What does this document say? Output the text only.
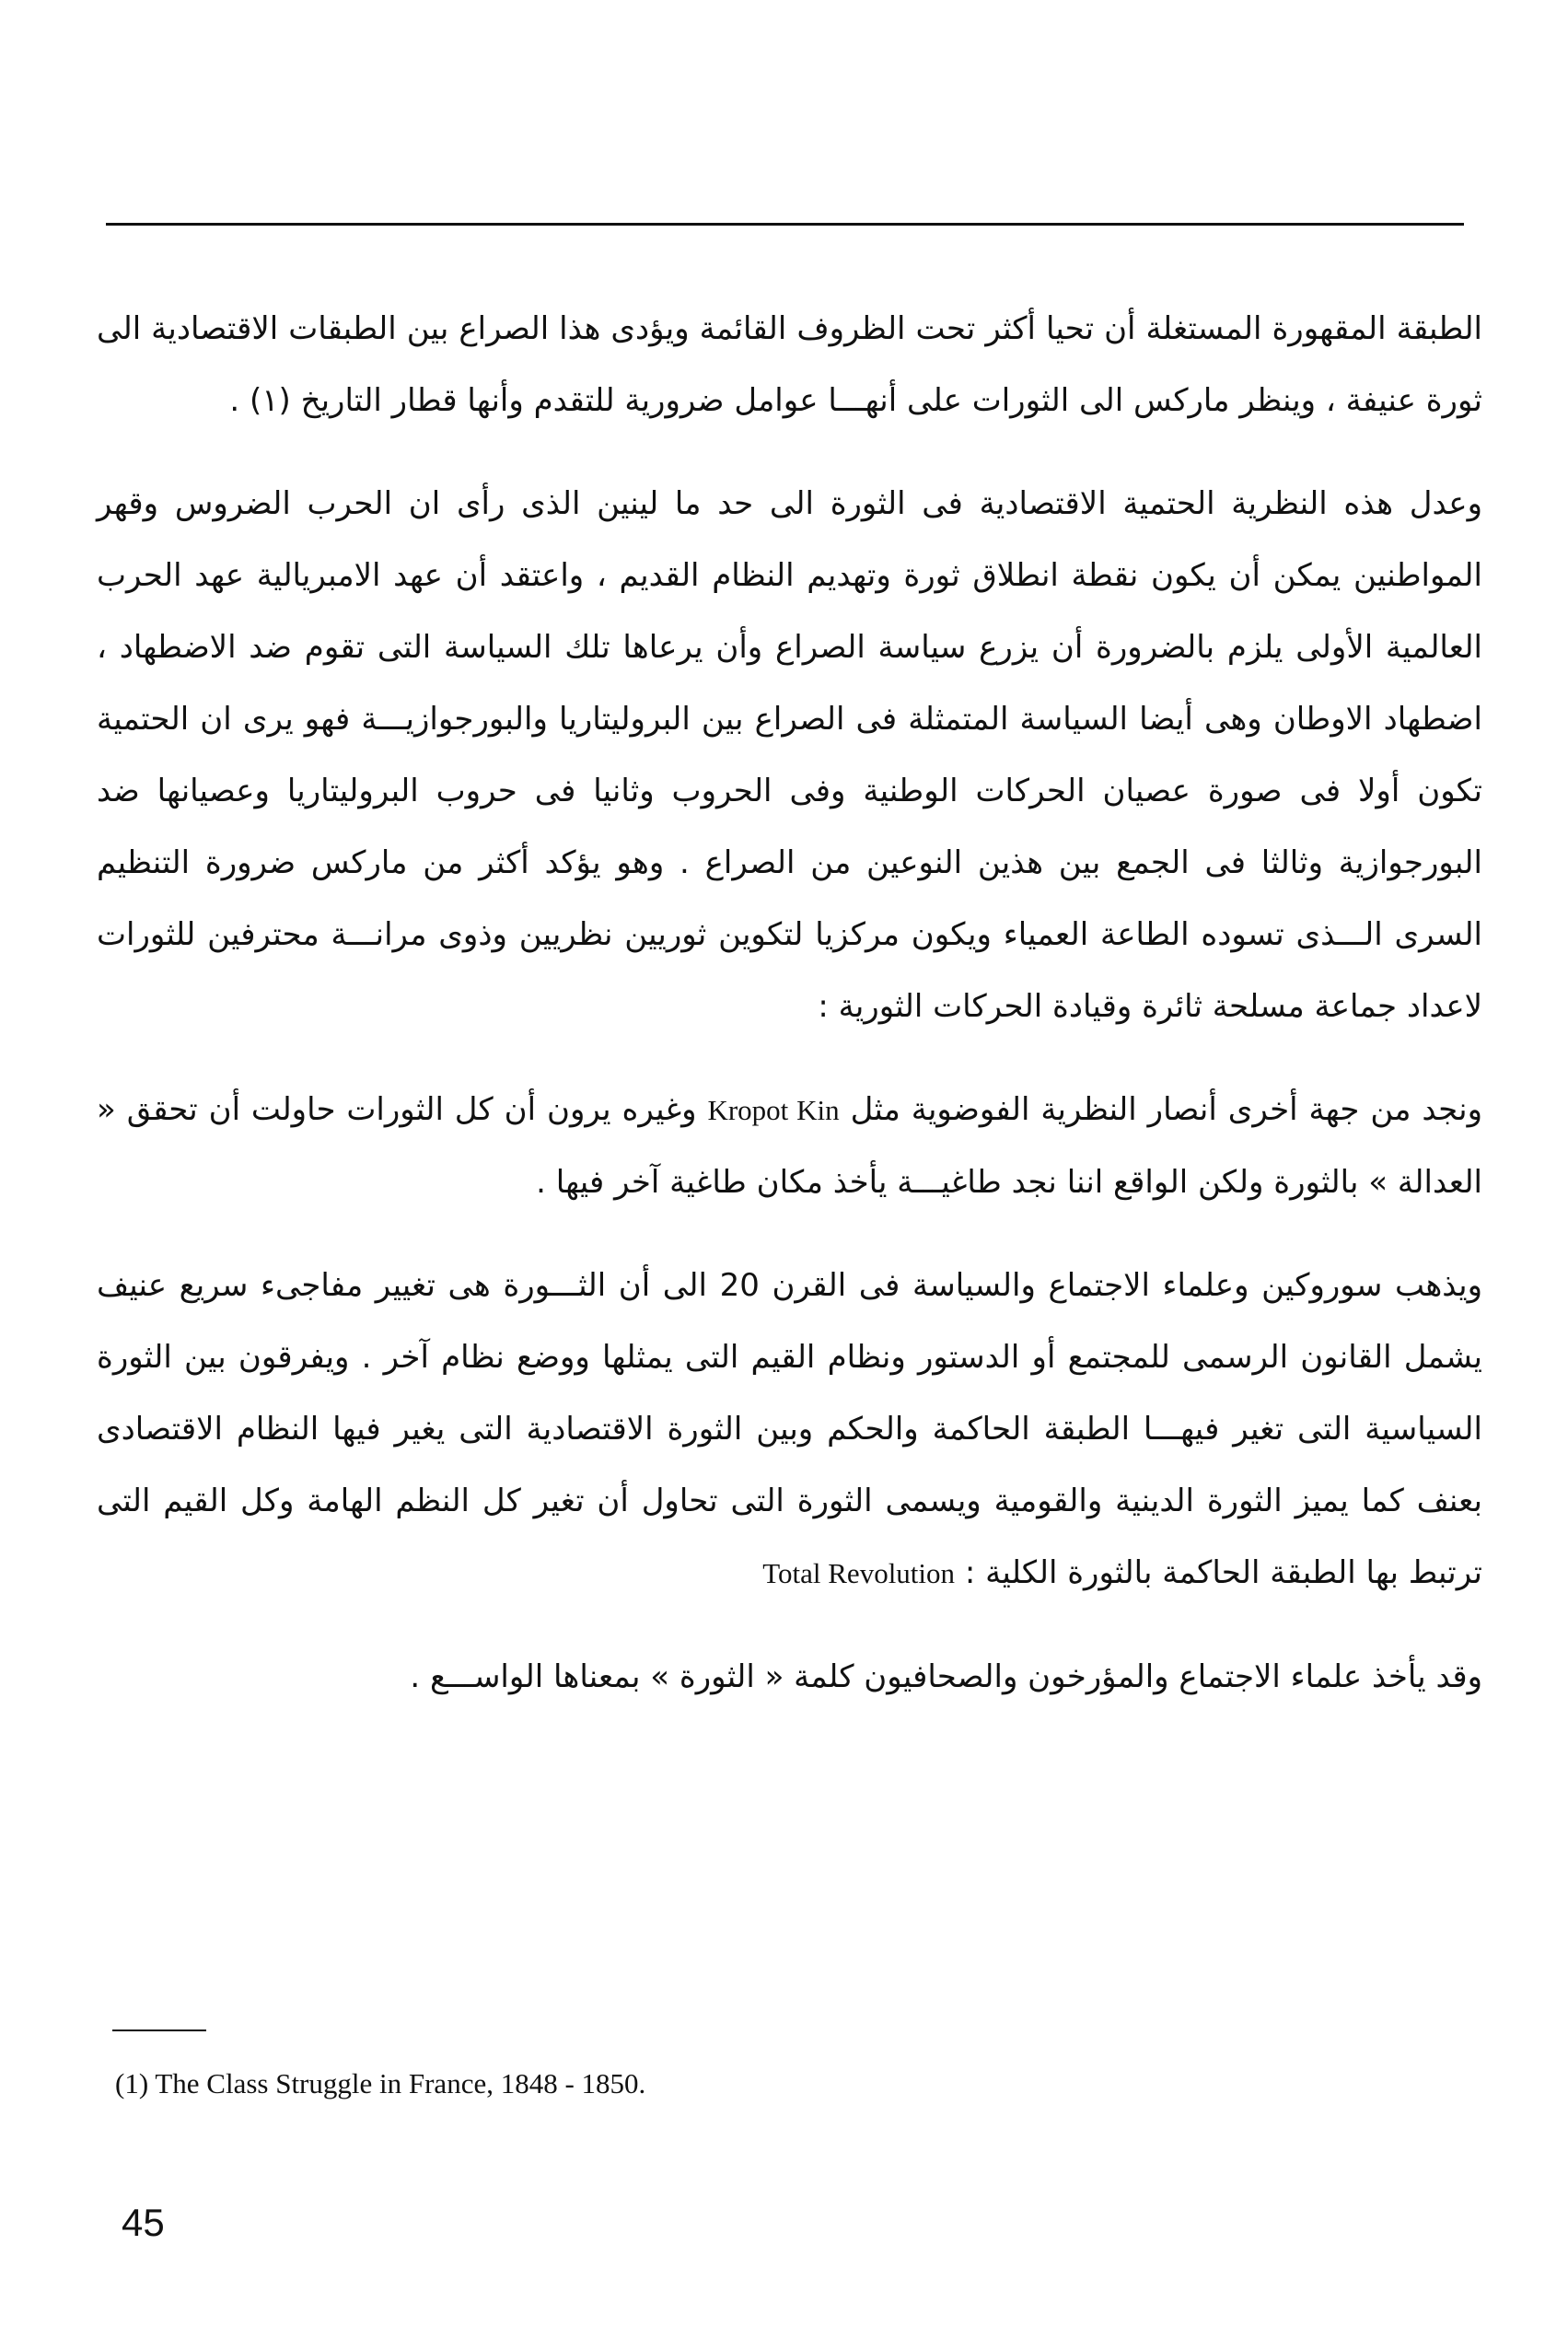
الطبقة المقهورة المستغلة أن تحيا أكثر تحت الظروف القائمة ويؤدى هذا الصراع بين الطبقات الاقتصادية الى ثورة عنيفة ، وينظر ماركس الى الثورات على أنهـــا عوامل ضرورية للتقدم وأنها قطار التاريخ (١) .

وعدل هذه النظرية الحتمية الاقتصادية فى الثورة الى حد ما لينين الذى رأى ان الحرب الضروس وقهر المواطنين يمكن أن يكون نقطة انطلاق ثورة وتهديم النظام القديم ، واعتقد أن عهد الامبريالية عهد الحرب العالمية الأولى يلزم بالضرورة أن يزرع سياسة الصراع وأن يرعاها تلك السياسة التى تقوم ضد الاضطهاد ، اضطهاد الاوطان وهى أيضا السياسة المتمثلة فى الصراع بين البروليتاريا والبورجوازيـــة فهو يرى ان الحتمية تكون أولا فى صورة عصيان الحركات الوطنية وفى الحروب وثانيا فى حروب البروليتاريا وعصيانها ضد البورجوازية وثالثا فى الجمع بين هذين النوعين من الصراع . وهو يؤكد أكثر من ماركس ضرورة التنظيم السرى الـــذى تسوده الطاعة العمياء ويكون مركزيا لتكوين ثوريين نظريين وذوى مرانـــة محترفين للثورات لاعداد جماعة مسلحة ثائرة وقيادة الحركات الثورية :

ونجد من جهة أخرى أنصار النظرية الفوضوية مثل Kropot Kin وغيره يرون أن كل الثورات حاولت أن تحقق « العدالة » بالثورة ولكن الواقع اننا نجد طاغيـــة يأخذ مكان طاغية آخر فيها .

ويذهب سوروكين وعلماء الاجتماع والسياسة فى القرن 20 الى أن الثـــورة هى تغيير مفاجىء سريع عنيف يشمل القانون الرسمى للمجتمع أو الدستور ونظام القيم التى يمثلها ووضع نظام آخر . ويفرقون بين الثورة السياسية التى تغير فيهـــا الطبقة الحاكمة والحكم وبين الثورة الاقتصادية التى يغير فيها النظام الاقتصادى بعنف كما يميز الثورة الدينية والقومية ويسمى الثورة التى تحاول أن تغير كل النظم الهامة وكل القيم التى ترتبط بها الطبقة الحاكمة بالثورة الكلية : Total Revolution

وقد يأخذ علماء الاجتماع والمؤرخون والصحافيون كلمة « الثورة » بمعناها الواســـع .

(1) The Class Struggle in France, 1848 - 1850.
45
